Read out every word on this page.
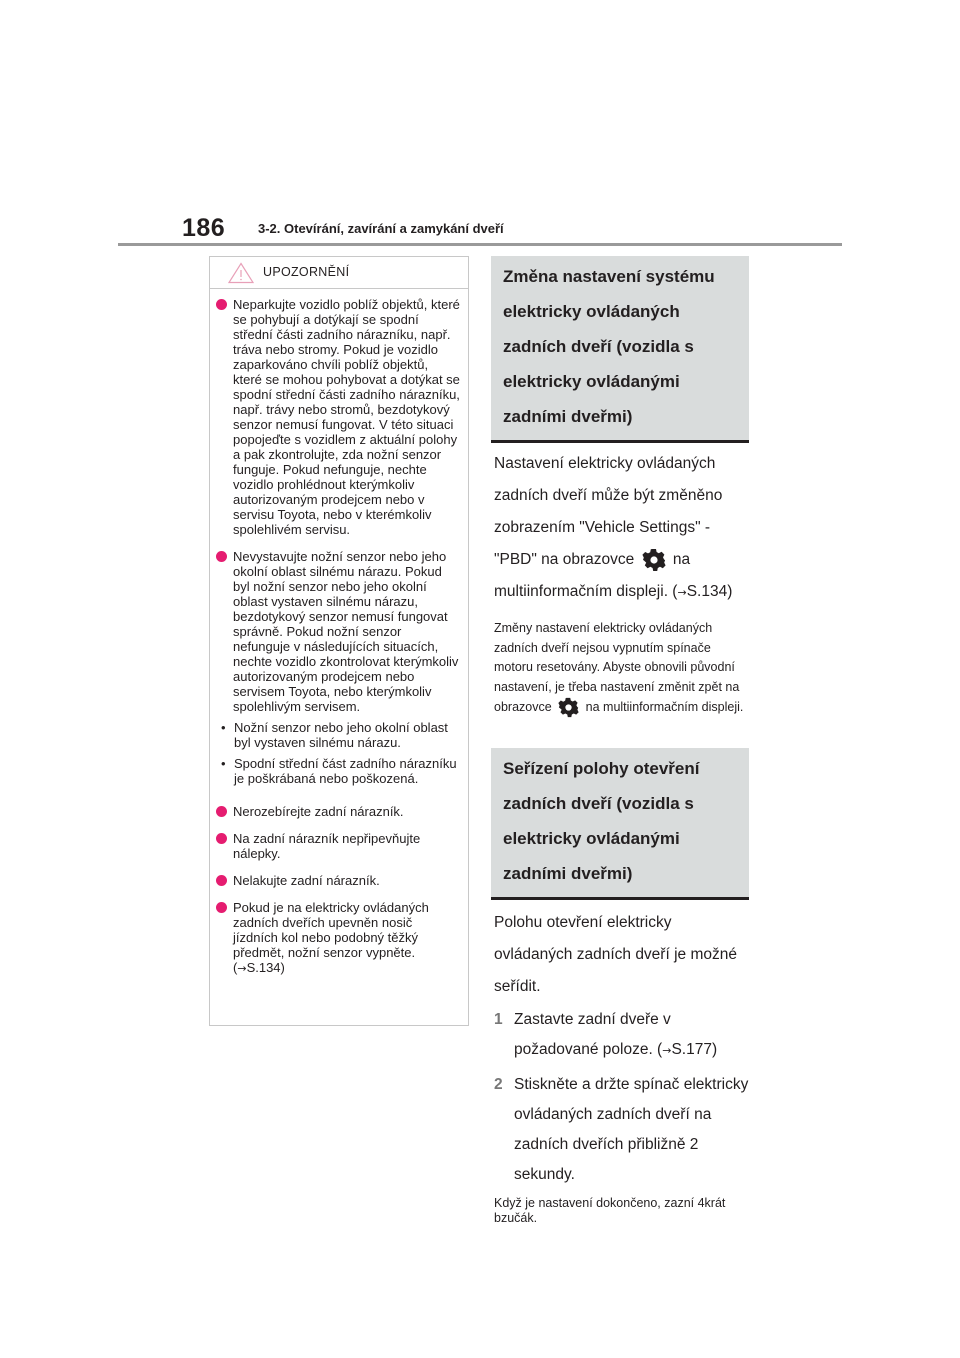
186	3-2. Otevírání, zavírání a zamykání dveří
UPOZORNĚNÍ
Neparkujte vozidlo poblíž objektů, které se pohybují a dotýkají se spodní střední části zadního nárazníku, např. tráva nebo stromy. Pokud je vozidlo zaparkováno chvíli poblíž objektů, které se mohou pohybovat a dotýkat se spodní střední části zadního nárazníku, např. trávy nebo stromů, bezdotykový senzor nemusí fungovat. V této situaci popojeďte s vozidlem z aktuální polohy a pak zkontrolujte, zda nožní senzor funguje. Pokud nefunguje, nechte vozidlo prohlédnout kterýmkoliv autorizovaným prodejcem nebo v servisu Toyota, nebo v kterémkoliv spolehlivém servisu.
Nevystavujte nožní senzor nebo jeho okolní oblast silnému nárazu. Pokud byl nožní senzor nebo jeho okolní oblast vystaven silnému nárazu, bezdotykový senzor nemusí fungovat správně. Pokud nožní senzor nefunguje v následujících situacích, nechte vozidlo zkontrolovat kterýmkoliv autorizovaným prodejcem nebo servisem Toyota, nebo kterýmkoliv spolehlivým servisem.
• Nožní senzor nebo jeho okolní oblast byl vystaven silnému nárazu.
• Spodní střední část zadního nárazníku je poškrábaná nebo poškozená.
Nerozebírejte zadní nárazník.
Na zadní nárazník nepřipevňujte nálepky.
Nelakujte zadní nárazník.
Pokud je na elektricky ovládaných zadních dveřích upevněn nosič jízdních kol nebo podobný těžký předmět, nožní senzor vypněte.
(→S.134)
Změna nastavení systému elektricky ovládaných zadních dveří (vozidla s elektricky ovládanými zadními dveřmi)
Nastavení elektricky ovládaných zadních dveří může být změněno zobrazením "Vehicle Settings" - "PBD" na obrazovce na multiinformačním displeji. (→S.134)
Změny nastavení elektricky ovládaných zadních dveří nejsou vypnutím spínače motoru resetovány. Abyste obnovili původní nastavení, je třeba nastavení změnit zpět na obrazovce	na multiinformačním displeji.
Seřízení polohy otevření zadních dveří (vozidla s elektricky ovládanými zadními dveřmi)
Polohu otevření elektricky ovládaných zadních dveří je možné seřídit.
1 Zastavte zadní dveře v požadované poloze. (→S.177)
2 Stiskněte a držte spínač elektricky ovládaných zadních dveří na zadních dveřích přibližně 2 sekundy.
Když je nastavení dokončeno, zazní 4krát bzučák.
